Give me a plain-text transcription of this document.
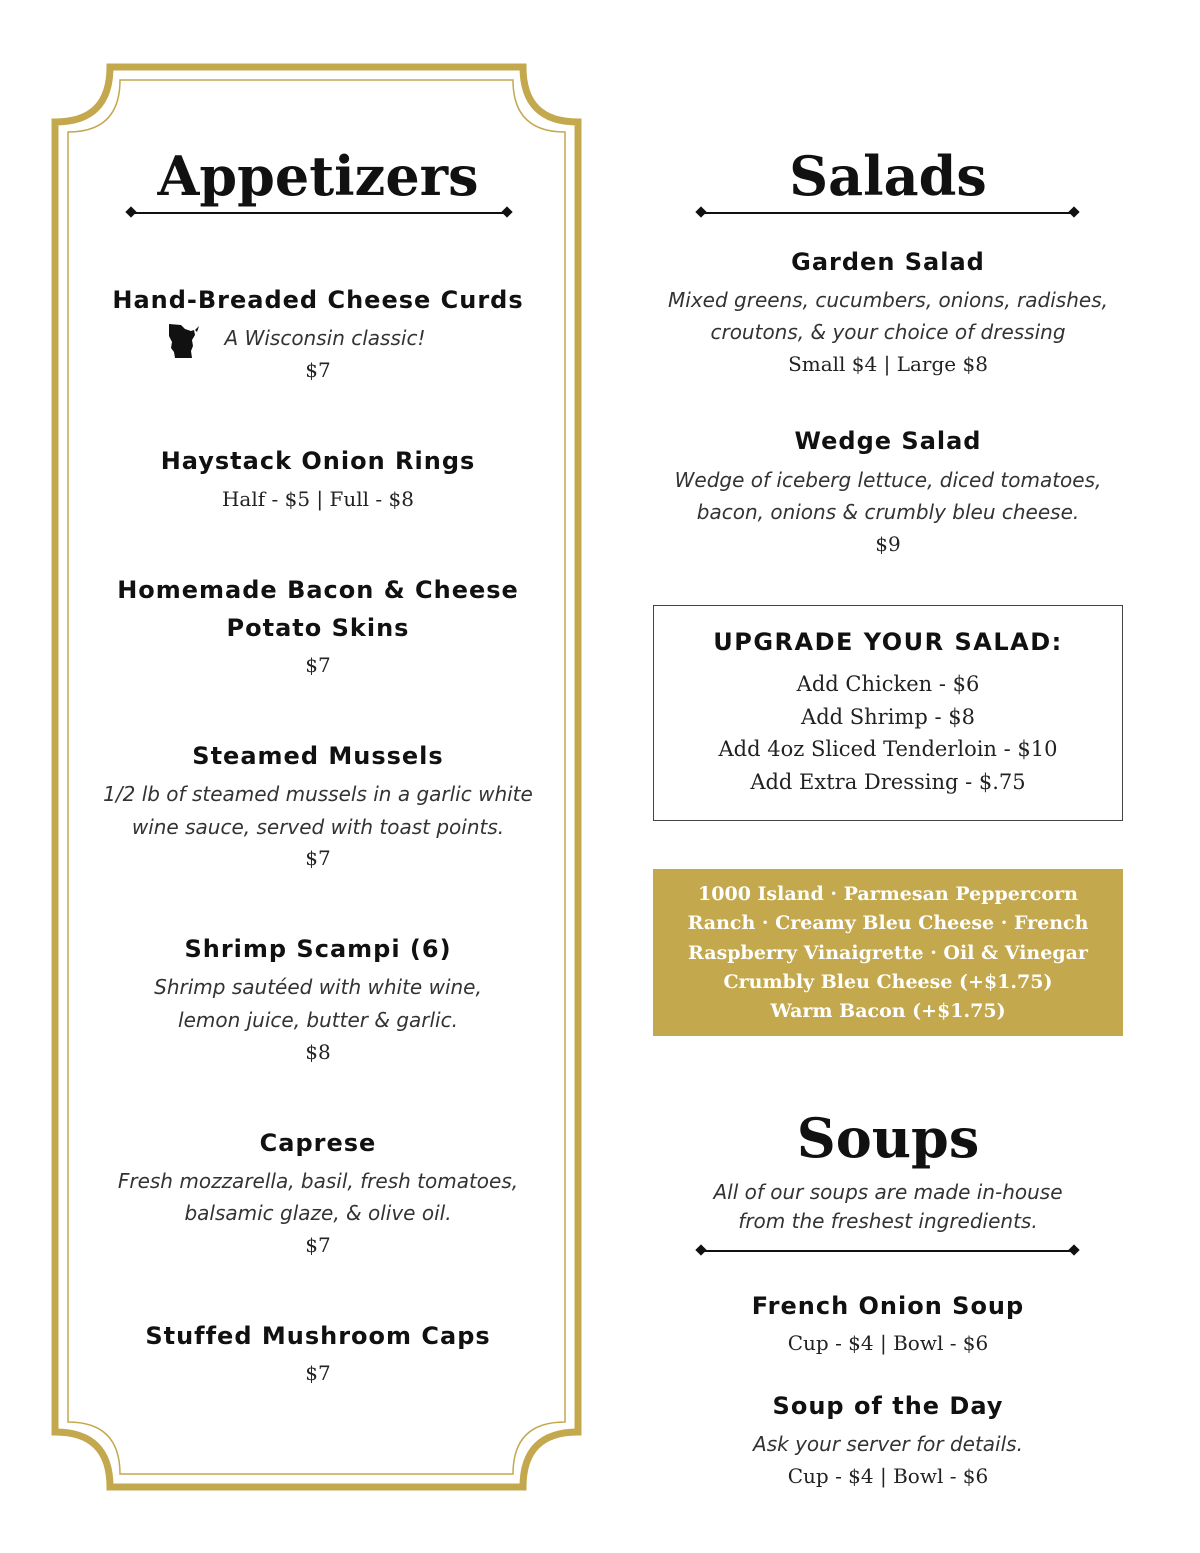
Appetizers
Hand-Breaded Cheese Curds
A Wisconsin classic!
$7
Haystack Onion Rings
Half - $5 | Full - $8
Homemade Bacon & Cheese
Potato Skins
$7
Steamed Mussels
1/2 lb of steamed mussels in a garlic white
wine sauce, served with toast points.
$7
Shrimp Scampi (6)
Shrimp sautéed with white wine,
lemon juice, butter & garlic.
$8
Caprese
Fresh mozzarella, basil, fresh tomatoes,
balsamic glaze, & olive oil.
$7
Stuffed Mushroom Caps
$7
Salads
Garden Salad
Mixed greens, cucumbers, onions, radishes,
croutons, & your choice of dressing
Small $4 | Large $8
Wedge Salad
Wedge of iceberg lettuce, diced tomatoes,
bacon, onions & crumbly bleu cheese.
$9
UPGRADE YOUR SALAD:
Add Chicken - $6
Add Shrimp - $8
Add 4oz Sliced Tenderloin - $10
Add Extra Dressing - $.75
1000 Island · Parmesan Peppercorn
Ranch · Creamy Bleu Cheese · French
Raspberry Vinaigrette · Oil & Vinegar
Crumbly Bleu Cheese (+$1.75)
Warm Bacon (+$1.75)
Soups
All of our soups are made in-house
from the freshest ingredients.
French Onion Soup
Cup - $4 | Bowl - $6
Soup of the Day
Ask your server for details.
Cup - $4 | Bowl - $6
